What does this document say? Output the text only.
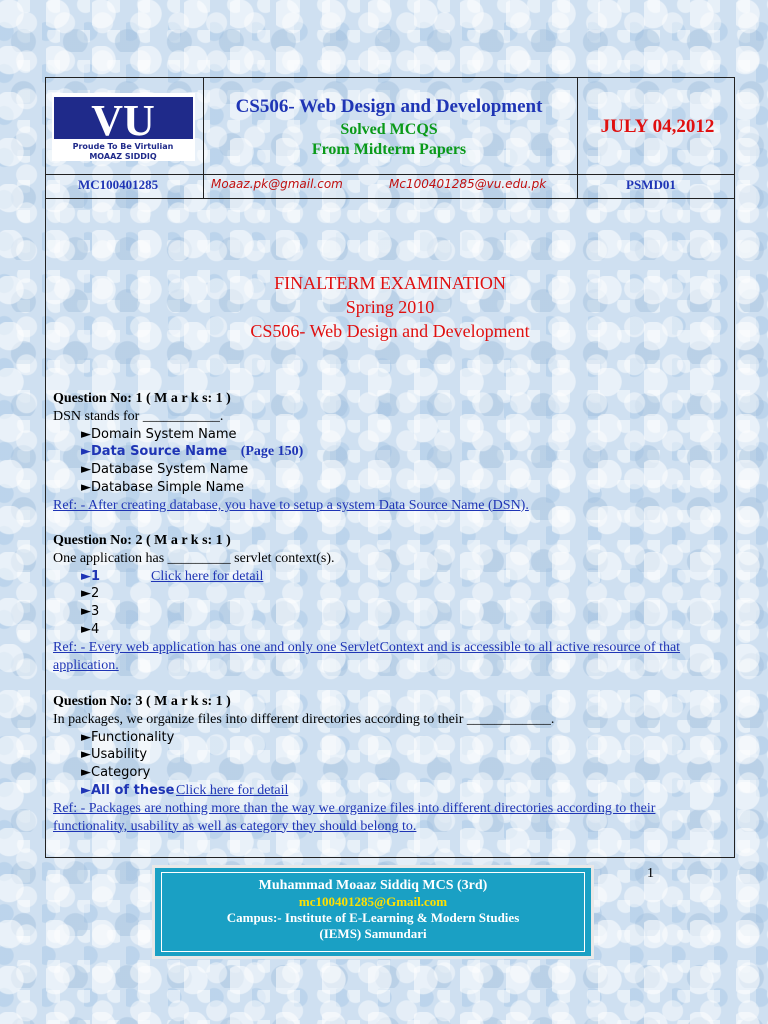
VU
Proude To Be Virtulian
MOAAZ SIDDIQ
CS506- Web Design and Development
Solved MCQS
From Midterm Papers
JULY 04,2012
MC100401285	Moaaz.pk@gmail.com	Mc100401285@vu.edu.pk	PSMD01
FINALTERM EXAMINATION
Spring 2010
CS506- Web Design and Development
Question No: 1 ( M a r k s: 1 )
DSN stands for ___________.
►Domain System Name
►Data Source Name (Page 150)
►Database System Name
►Database Simple Name
Ref: - After creating database, you have to setup a system Data Source Name (DSN).
Question No: 2 ( M a r k s: 1 )
One application has _________ servlet context(s).
►1	Click here for detail
►2
►3
►4
Ref: - Every web application has one and only one ServletContext and is accessible to all active resource of that application.
Question No: 3 ( M a r k s: 1 )
In packages, we organize files into different directories according to their ____________.
►Functionality
►Usability
►Category
►All of these Click here for detail
Ref: - Packages are nothing more than the way we organize files into different directories according to their functionality, usability as well as category they should belong to.
Muhammad Moaaz Siddiq MCS (3rd)
mc100401285@Gmail.com
Campus:- Institute of E-Learning & Modern Studies
(IEMS) Samundari
1
